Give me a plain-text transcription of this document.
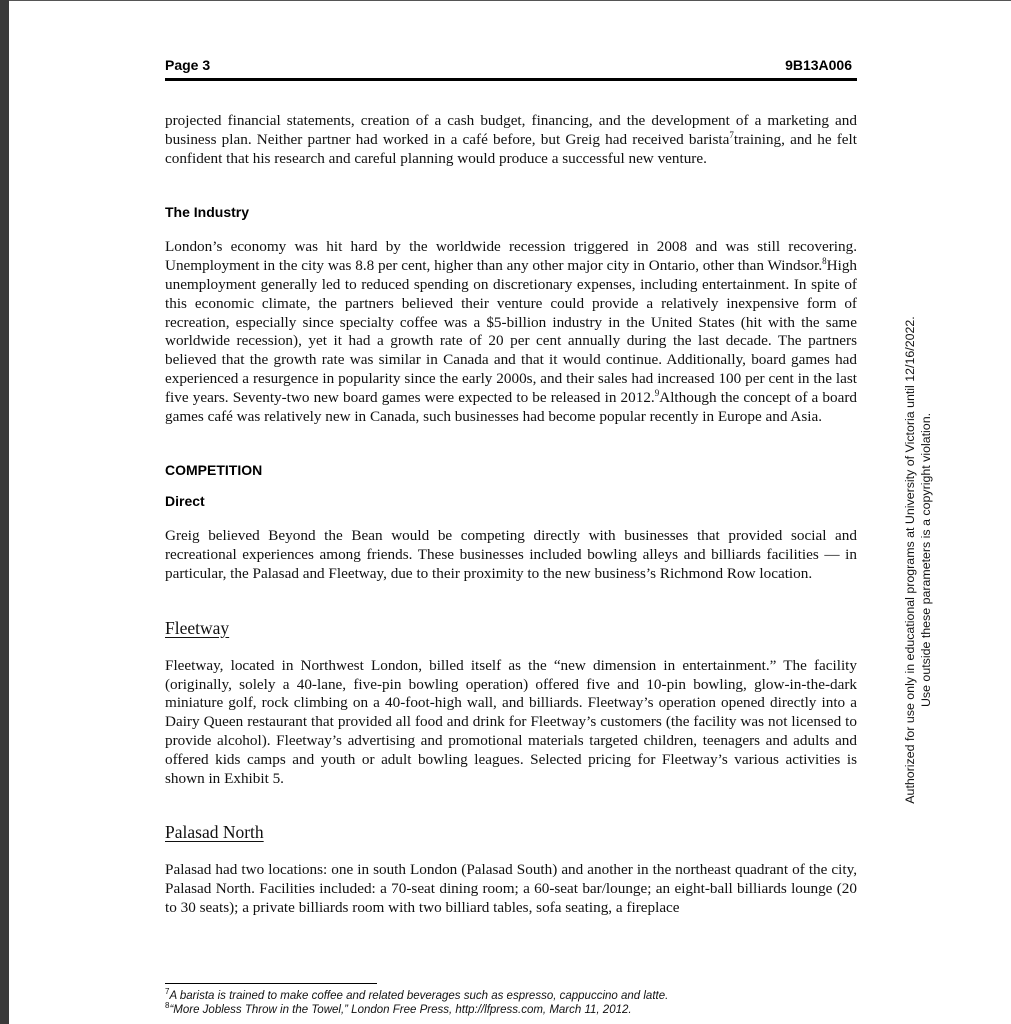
Page 3	9B13A006

projected financial statements, creation of a cash budget, financing, and the development of a marketing and business plan. Neither partner had worked in a café before, but Greig had received barista$^7$training, and he felt confident that his research and careful planning would produce a successful new venture.

The Industry

London’s economy was hit hard by the worldwide recession triggered in 2008 and was still recovering. Unemployment in the city was 8.8 per cent, higher than any other major city in Ontario, other than Windsor.$^8$High unemployment generally led to reduced spending on discretionary expenses, including entertainment. In spite of this economic climate, the partners believed their venture could provide a relatively inexpensive form of recreation, especially since specialty coffee was a $5-billion industry in the United States (hit with the same worldwide recession), yet it had a growth rate of 20 per cent annually during the last decade. The partners believed that the growth rate was similar in Canada and that it would continue. Additionally, board games had experienced a resurgence in popularity since the early 2000s, and their sales had increased 100 per cent in the last five years. Seventy-two new board games were expected to be released in 2012.$^9$Although the concept of a board games café was relatively new in Canada, such businesses had become popular recently in Europe and Asia.

COMPETITION

Direct

Greig believed Beyond the Bean would be competing directly with businesses that provided social and recreational experiences among friends. These businesses included bowling alleys and billiards facilities — in particular, the Palasad and Fleetway, due to their proximity to the new business’s Richmond Row location.

Fleetway

Fleetway, located in Northwest London, billed itself as the “new dimension in entertainment.” The facility (originally, solely a 40-lane, five-pin bowling operation) offered five and 10-pin bowling, glow-in-the-dark miniature golf, rock climbing on a 40-foot-high wall, and billiards. Fleetway’s operation opened directly into a Dairy Queen restaurant that provided all food and drink for Fleetway’s customers (the facility was not licensed to provide alcohol). Fleetway’s advertising and promotional materials targeted children, teenagers and adults and offered kids camps and youth or adult bowling leagues. Selected pricing for Fleetway’s various activities is shown in Exhibit 5.

Palasad North

Palasad had two locations: one in south London (Palasad South) and another in the northeast quadrant of the city, Palasad North. Facilities included: a 70-seat dining room; a 60-seat bar/lounge; an eight-ball billiards lounge (20 to 30 seats); a private billiards room with two billiard tables, sofa seating, a fireplace

$^7$A barista is trained to make coffee and related beverages such as espresso, cappuccino and latte.

$^8$“More Jobless Throw in the Towel,” London Free Press, http://lfpress.com, March 11, 2012.

Authorized for use only in educational programs at University of Victoria until 12/16/2022. Use outside these parameters is a copyright violation.
